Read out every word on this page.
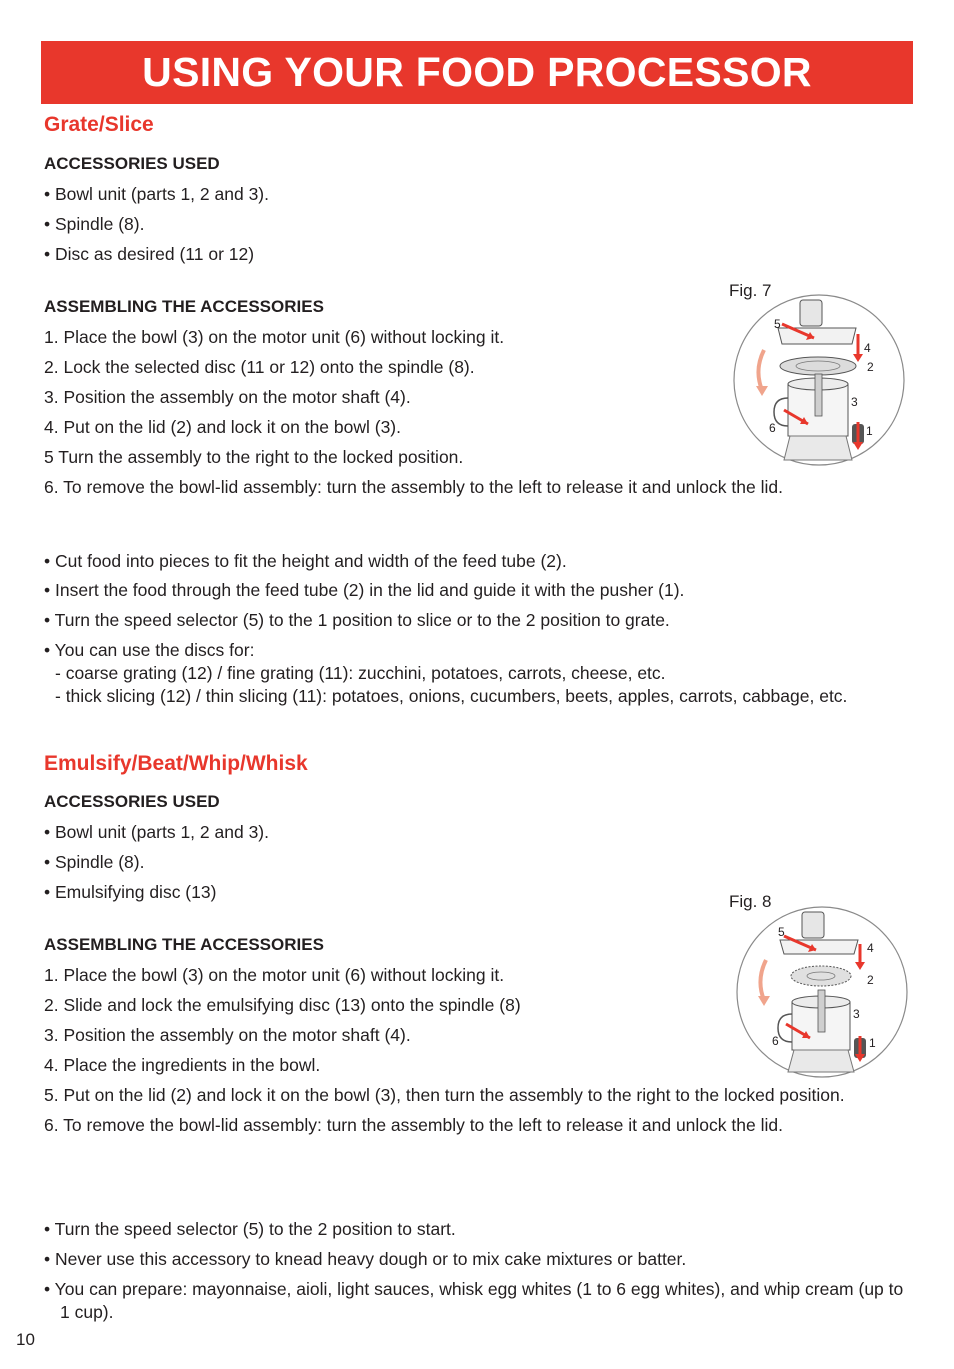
USING YOUR FOOD PROCESSOR
Grate/Slice
ACCESSORIES USED
• Bowl unit (parts 1, 2 and 3).
• Spindle (8).
• Disc as desired (11 or 12)
ASSEMBLING THE ACCESSORIES
1. Place the bowl (3) on the motor unit (6) without locking it.
2. Lock the selected disc (11 or 12) onto the spindle (8).
3. Position the assembly on the motor shaft (4).
4. Put on the lid (2) and lock it on the bowl (3).
5 Turn the assembly to the right to the locked position.
6. To remove the bowl-lid assembly: turn the assembly to the left to release it and unlock the lid.
• Cut food into pieces to fit the height and width of the feed tube (2).
• Insert the food through the feed tube (2) in the lid and guide it with the pusher (1).
• Turn the speed selector (5) to the 1 position to slice or to the 2 position to grate.
• You can use the discs for:
- coarse grating (12) / fine grating (11): zucchini, potatoes, carrots, cheese, etc.
- thick slicing (12) / thin slicing (11): potatoes, onions, cucumbers, beets, apples, carrots, cabbage, etc.
Fig. 7
5
4
2
3
6	1
Emulsify/Beat/Whip/Whisk
ACCESSORIES USED
• Bowl unit (parts 1, 2 and 3).
• Spindle (8).
• Emulsifying disc (13)
ASSEMBLING THE ACCESSORIES
1. Place the bowl (3) on the motor unit (6) without locking it.
2. Slide and lock the emulsifying disc (13) onto the spindle (8)
3. Position the assembly on the motor shaft (4).
4. Place the ingredients in the bowl.
5. Put on the lid (2) and lock it on the bowl (3), then turn the assembly to the right to the locked position.
6. To remove the bowl-lid assembly: turn the assembly to the left to release it and unlock the lid.
• Turn the speed selector (5) to the 2 position to start.
• Never use this accessory to knead heavy dough or to mix cake mixtures or batter.
• You can prepare: mayonnaise, aioli, light sauces, whisk egg whites (1 to 6 egg whites), and whip cream (up to 1 cup).
Fig. 8
5
4
2
3
6	1
10
